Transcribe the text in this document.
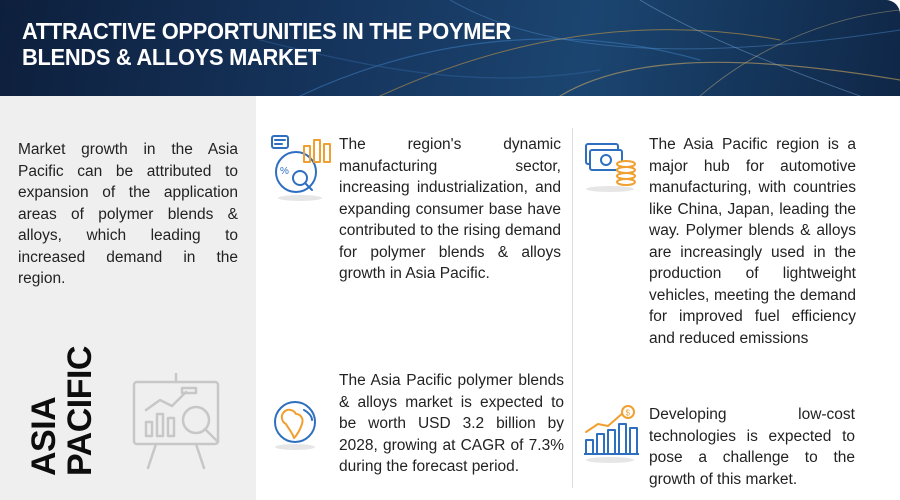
ATTRACTIVE OPPORTUNITIES IN THE POYMER BLENDS & ALLOYS MARKET
Market growth in the Asia Pacific can be attributed to expansion of the application areas of polymer blends & alloys, which leading to increased demand in the region.
ASIA
PACIFIC
%
The region's dynamic manufacturing sector, increasing industrialization, and expanding consumer base have contributed to the rising demand for polymer blends & alloys growth in Asia Pacific.
The Asia Pacific region is a major hub for automotive manufacturing, with countries like China, Japan, leading the way. Polymer blends & alloys are increasingly used in the production of lightweight vehicles, meeting the demand for improved fuel efficiency and reduced emissions
The Asia Pacific polymer blends & alloys market is expected to be worth USD 3.2 billion by 2028, growing at CAGR of 7.3% during the forecast period.
$ Developing low-cost technologies is expected to pose a challenge to the growth of this market.
